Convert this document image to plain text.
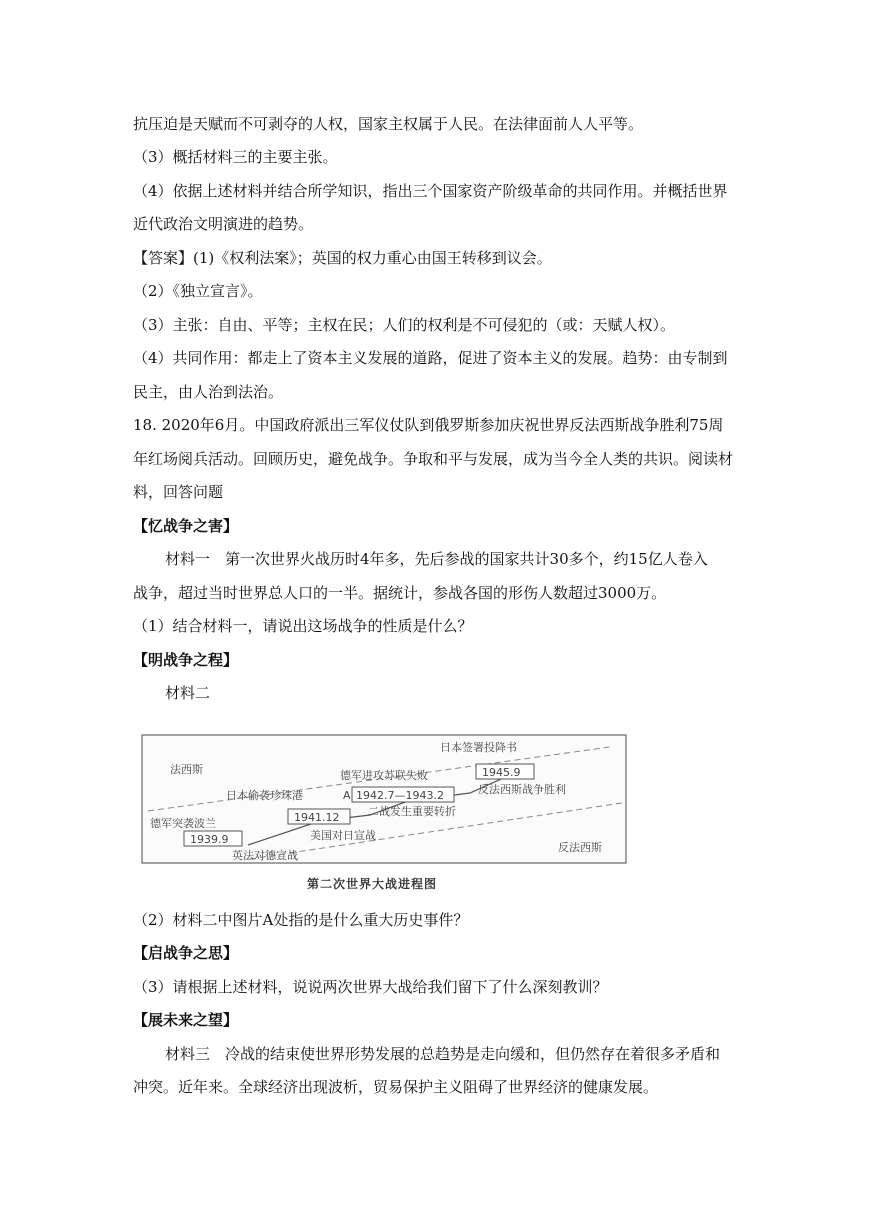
抗压迫是天赋而不可剥夺的人权，国家主权属于人民。在法律面前人人平等。
（3）概括材料三的主要主张。
（4）依据上述材料并结合所学知识，指出三个国家资产阶级革命的共同作用。并概括世界
近代政治文明演进的趋势。
【答案】(1)《权利法案》；英国的权力重心由国王转移到议会。
（2）《独立宣言》。
（3）主张：自由、平等；主权在民；人们的权利是不可侵犯的（或：天赋人权）。
（4）共同作用：都走上了资本主义发展的道路，促进了资本主义的发展。趋势：由专制到
民主，由人治到法治。
18. 2020年6月。中国政府派出三军仪仗队到俄罗斯参加庆祝世界反法西斯战争胜利75周
年红场阅兵活动。回顾历史，避免战争。争取和平与发展，成为当今全人类的共识。阅读材
料，回答问题
【忆战争之害】
材料一　第一次世界火战历时4年多，先后参战的国家共计30多个，约15亿人卷入
战争，超过当时世界总人口的一半。据统计，参战各国的形伤人数超过3000万。
（1）结合材料一，请说出这场战争的性质是什么？
【明战争之程】
材料二
法西斯
反法西斯
日本签署投降书
1945.9
反法西斯战争胜利
德军进攻苏联失败
A 1942.7—1943.2
二战发生重要转折
日本偷袭珍珠港
1941.12
美国对日宣战
德军突袭波兰
1939.9
英法对德宣战
第二次世界大战进程图
（2）材料二中图片A处指的是什么重大历史事件？
【启战争之思】
（3）请根据上述材料，说说两次世界大战给我们留下了什么深刻教训？
【展未来之望】
材料三　冷战的结束使世界形势发展的总趋势是走向缓和，但仍然存在着很多矛盾和
冲突。近年来。全球经济出现波析，贸易保护主义阻碍了世界经济的健康发展。
